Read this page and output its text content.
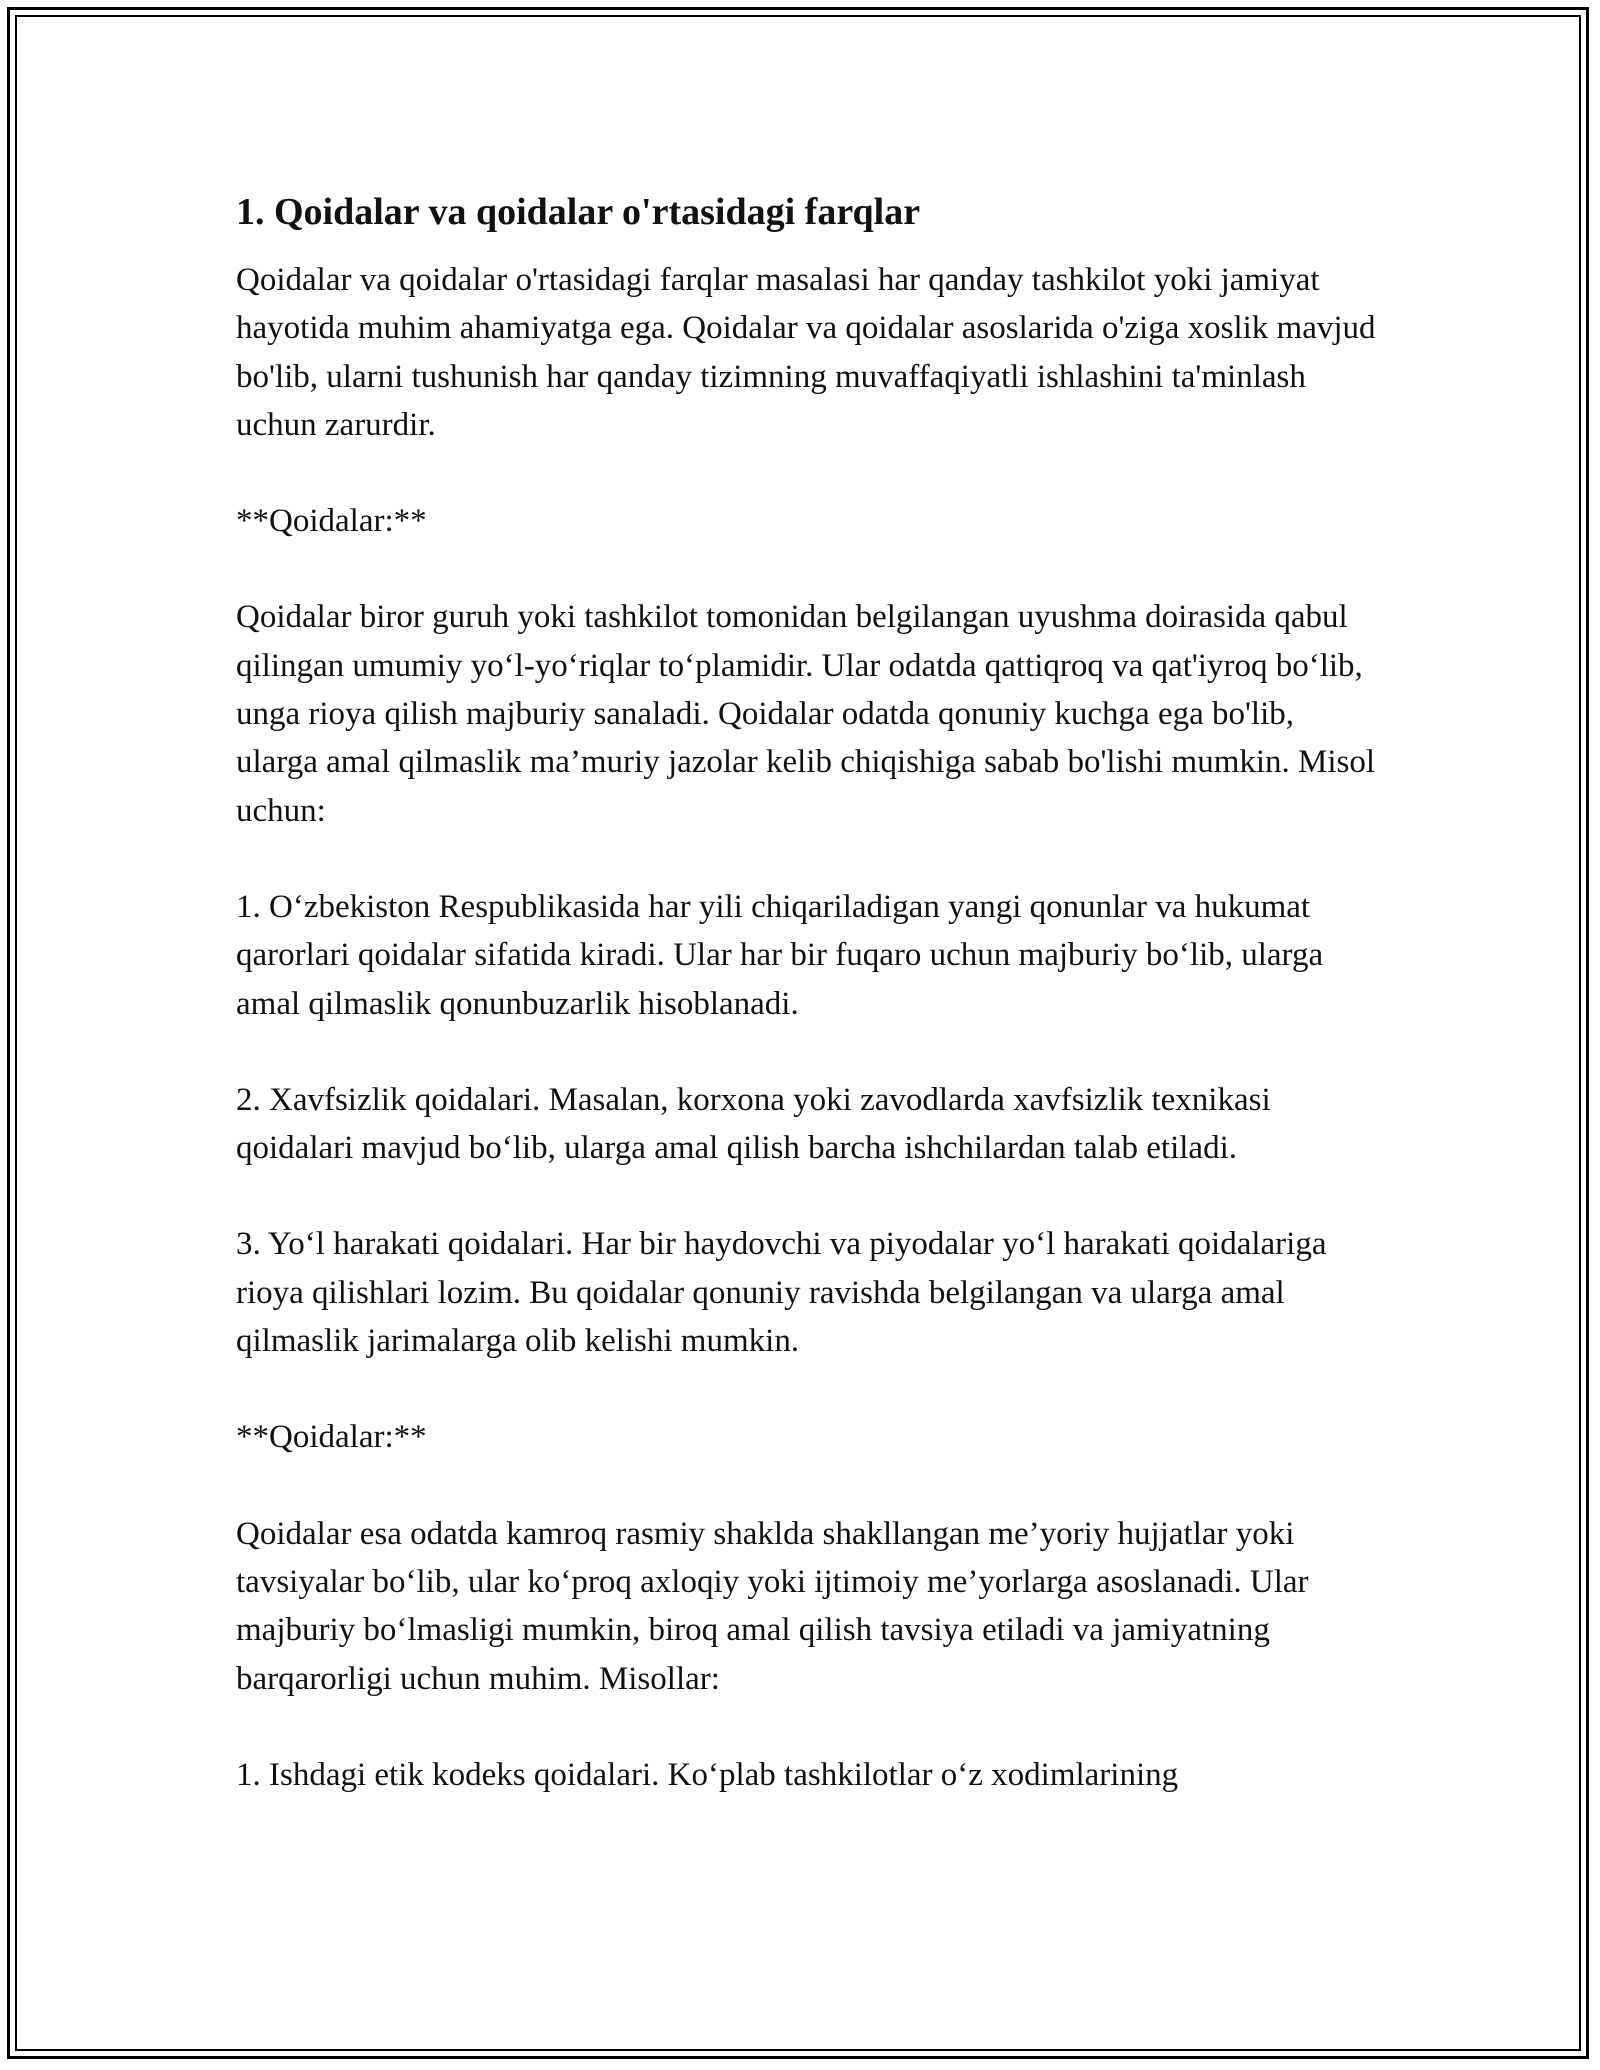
1. Qoidalar va qoidalar o'rtasidagi farqlar

Qoidalar va qoidalar o'rtasidagi farqlar masalasi har qanday tashkilot yoki jamiyat hayotida muhim ahamiyatga ega. Qoidalar va qoidalar asoslarida o'ziga xoslik mavjud bo'lib, ularni tushunish har qanday tizimning muvaffaqiyatli ishlashini ta'minlash uchun zarurdir.

**Qoidalar:**

Qoidalar biror guruh yoki tashkilot tomonidan belgilangan uyushma doirasida qabul qilingan umumiy yo‘l-yo‘riqlar to‘plamidir. Ular odatda qattiqroq va qat'iyroq bo‘lib, unga rioya qilish majburiy sanaladi. Qoidalar odatda qonuniy kuchga ega bo'lib, ularga amal qilmaslik ma’muriy jazolar kelib chiqishiga sabab bo'lishi mumkin. Misol uchun:

1. O‘zbekiston Respublikasida har yili chiqariladigan yangi qonunlar va hukumat qarorlari qoidalar sifatida kiradi. Ular har bir fuqaro uchun majburiy bo‘lib, ularga amal qilmaslik qonunbuzarlik hisoblanadi.

2. Xavfsizlik qoidalari. Masalan, korxona yoki zavodlarda xavfsizlik texnikasi qoidalari mavjud bo‘lib, ularga amal qilish barcha ishchilardan talab etiladi.

3. Yo‘l harakati qoidalari. Har bir haydovchi va piyodalar yo‘l harakati qoidalariga rioya qilishlari lozim. Bu qoidalar qonuniy ravishda belgilangan va ularga amal qilmaslik jarimalarga olib kelishi mumkin.

**Qoidalar:**

Qoidalar esa odatda kamroq rasmiy shaklda shakllangan me’yoriy hujjatlar yoki tavsiyalar bo‘lib, ular ko‘proq axloqiy yoki ijtimoiy me’yorlarga asoslanadi. Ular majburiy bo‘lmasligi mumkin, biroq amal qilish tavsiya etiladi va jamiyatning barqarorligi uchun muhim. Misollar:

1. Ishdagi etik kodeks qoidalari. Ko‘plab tashkilotlar o‘z xodimlarining
